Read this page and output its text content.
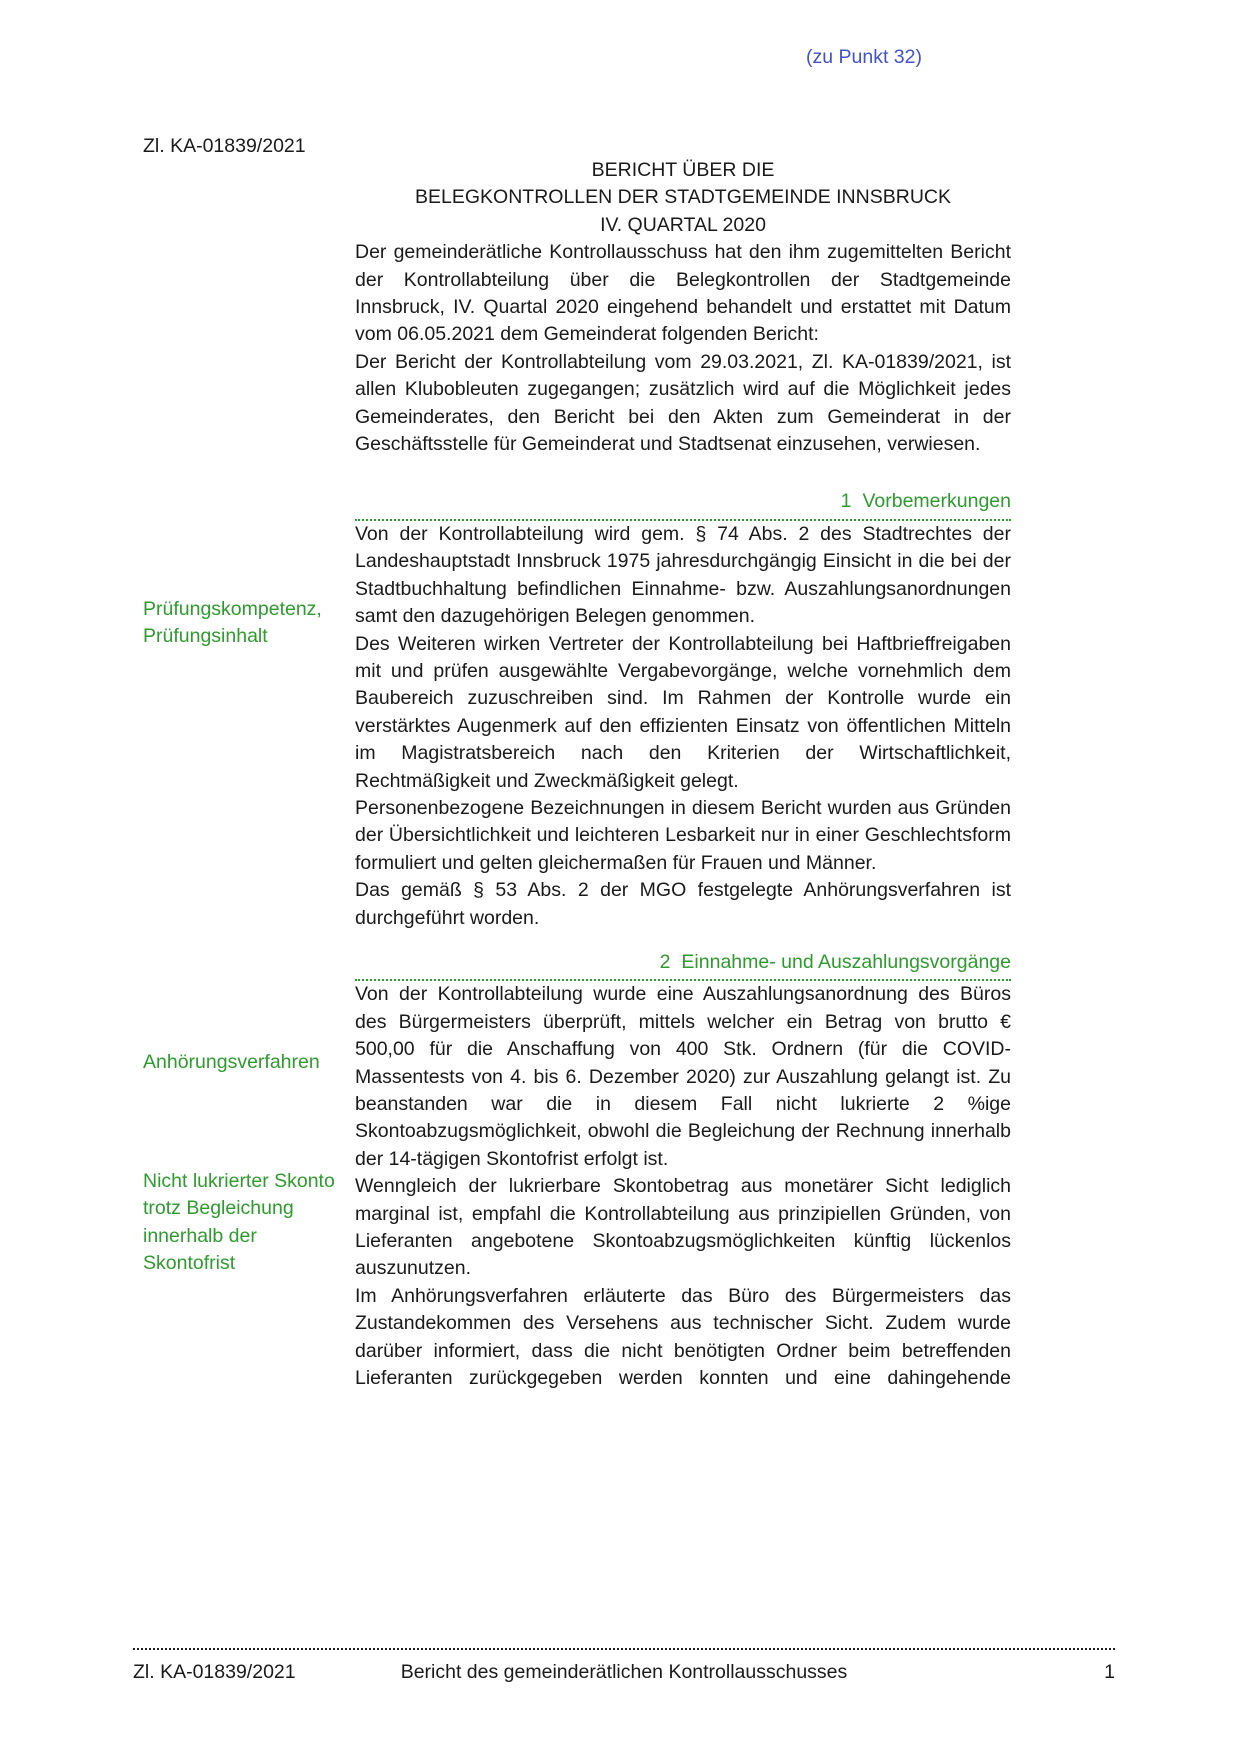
(zu Punkt 32)
Zl. KA-01839/2021
BERICHT ÜBER DIE
BELEGKONTROLLEN DER STADTGEMEINDE INNSBRUCK
IV. QUARTAL 2020

Der gemeinderätliche Kontrollausschuss hat den ihm zugemittelten Bericht der Kontrollabteilung über die Belegkontrollen der Stadtgemeinde Innsbruck, IV. Quartal 2020 eingehend behandelt und erstattet mit Datum vom 06.05.2021 dem Gemeinderat folgenden Bericht:

Der Bericht der Kontrollabteilung vom 29.03.2021, Zl. KA-01839/2021, ist allen Klubobleuten zugegangen; zusätzlich wird auf die Möglichkeit jedes Gemeinderates, den Bericht bei den Akten zum Gemeinderat in der Geschäftsstelle für Gemeinderat und Stadtsenat einzusehen, verwiesen.

1 Vorbemerkungen

Von der Kontrollabteilung wird gem. § 74 Abs. 2 des Stadtrechtes der Landeshauptstadt Innsbruck 1975 jahresdurchgängig Einsicht in die bei der Stadtbuchhaltung befindlichen Einnahme- bzw. Auszahlungsanordnungen samt den dazugehörigen Belegen genommen.

Des Weiteren wirken Vertreter der Kontrollabteilung bei Haftbrieffreigaben mit und prüfen ausgewählte Vergabevorgänge, welche vornehmlich dem Baubereich zuzuschreiben sind. Im Rahmen der Kontrolle wurde ein verstärktes Augenmerk auf den effizienten Einsatz von öffentlichen Mitteln im Magistratsbereich nach den Kriterien der Wirtschaftlichkeit, Rechtmäßigkeit und Zweckmäßigkeit gelegt.

Personenbezogene Bezeichnungen in diesem Bericht wurden aus Gründen der Übersichtlichkeit und leichteren Lesbarkeit nur in einer Geschlechtsform formuliert und gelten gleichermaßen für Frauen und Männer.

Das gemäß § 53 Abs. 2 der MGO festgelegte Anhörungsverfahren ist durchgeführt worden.

2 Einnahme- und Auszahlungsvorgänge

Von der Kontrollabteilung wurde eine Auszahlungsanordnung des Büros des Bürgermeisters überprüft, mittels welcher ein Betrag von brutto € 500,00 für die Anschaffung von 400 Stk. Ordnern (für die COVID-Massentests von 4. bis 6. Dezember 2020) zur Auszahlung gelangt ist. Zu beanstanden war die in diesem Fall nicht lukrierte 2 %ige Skontoabzugsmöglichkeit, obwohl die Begleichung der Rechnung innerhalb der 14-tägigen Skontofrist erfolgt ist.

Wenngleich der lukrierbare Skontobetrag aus monetärer Sicht lediglich marginal ist, empfahl die Kontrollabteilung aus prinzipiellen Gründen, von Lieferanten angebotene Skontoabzugsmöglichkeiten künftig lückenlos auszunutzen.

Im Anhörungsverfahren erläuterte das Büro des Bürgermeisters das Zustandekommen des Versehens aus technischer Sicht. Zudem wurde darüber informiert, dass die nicht benötigten Ordner beim betreffenden Lieferanten zurückgegeben werden konnten und eine dahingehende

Prüfungskompetenz,
Prüfungsinhalt
Anhörungsverfahren
Nicht lukrierter Skonto
trotz Begleichung
innerhalb der
Skontofrist
Zl. KA-01839/2021	Bericht des gemeinderätlichen Kontrollausschusses	1
